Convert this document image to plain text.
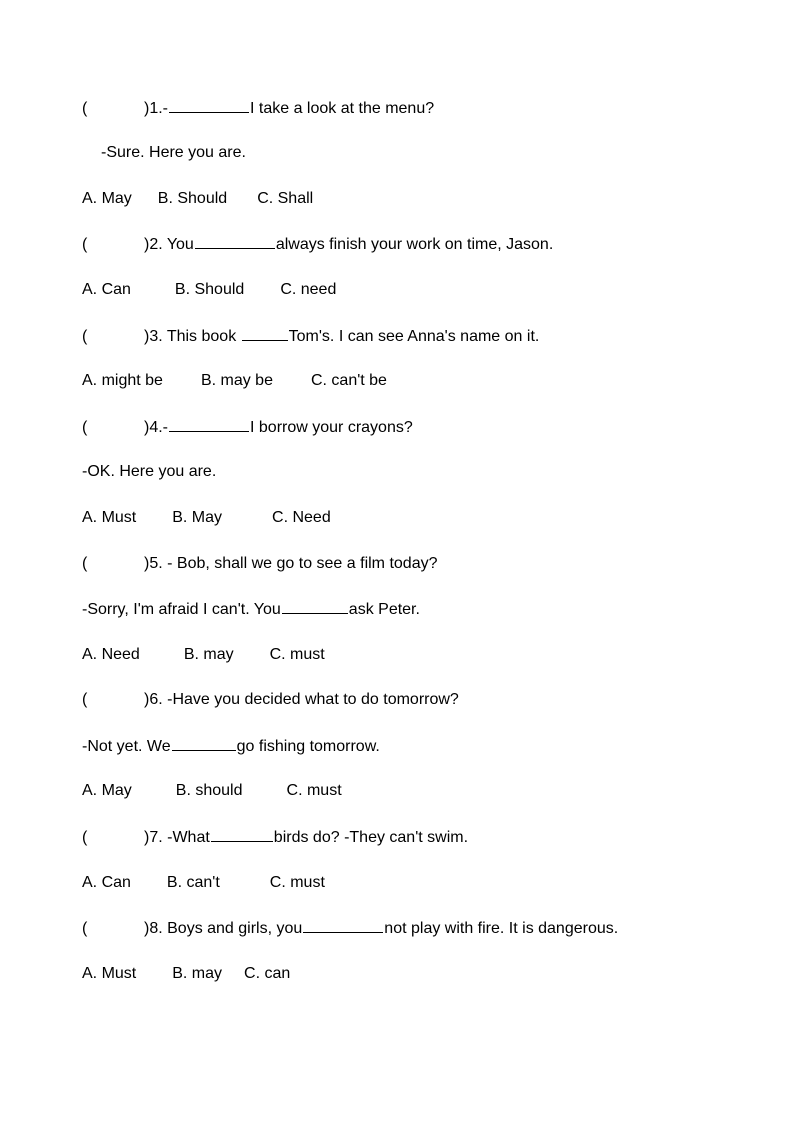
(	)1.-	I take a look at the menu?
-Sure. Here you are.
A. May B. Should C. Shall
(	)2. You	always finish your work on time, Jason.
A. Can	B. Should C. need
(	)3. This book	Tom's. I can see Anna's name on it.
A. might be B. may be C. can't be
(	)4.-	I borrow your crayons?
-OK. Here you are.
A. Must B. May	C. Need
(	)5. - Bob, shall we go to see a film today?
-Sorry, I'm afraid I can't. You	ask Peter.
A. Need	B. may C. must
(	)6. -Have you decided what to do tomorrow?
-Not yet. We	go fishing tomorrow.
A. May	B. should	C. must
(	)7. -What	birds do? -They can't swim.
A. Can B. can't	C. must
(	)8. Boys and girls, you	not play with fire. It is dangerous.
A. Must B. may C. can
